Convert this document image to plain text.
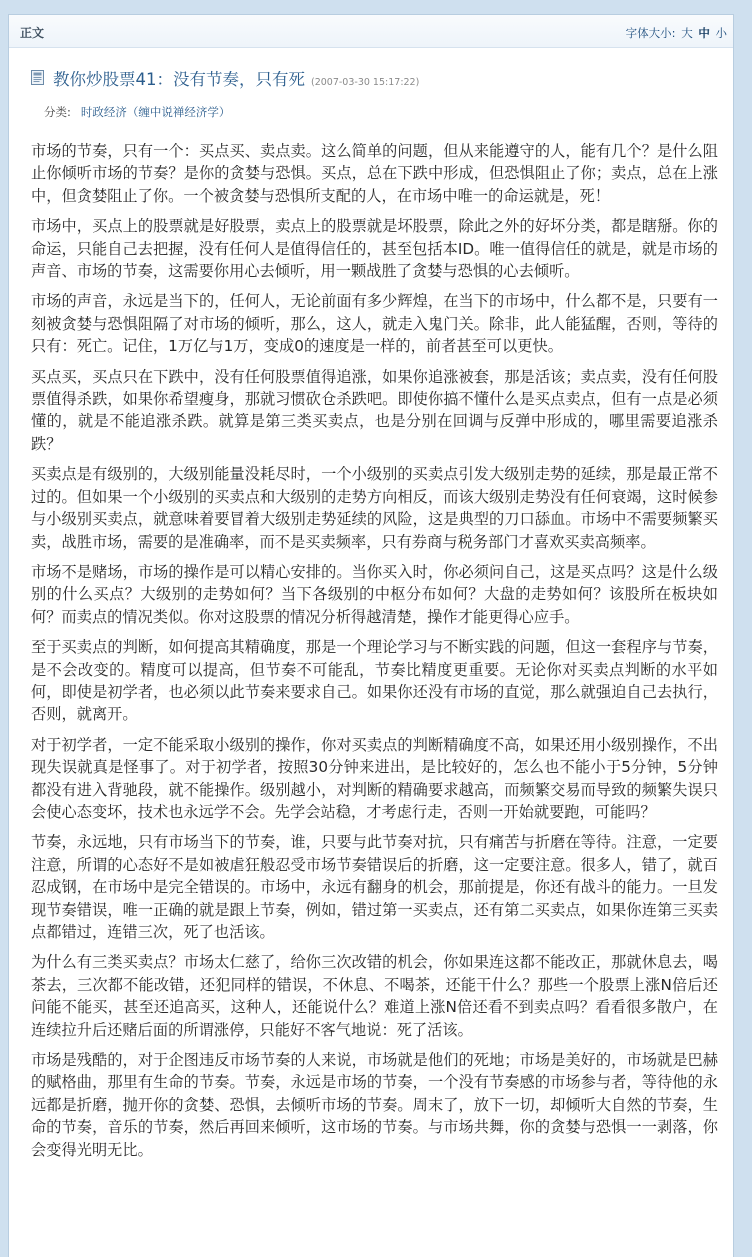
正文	字体大小: 大 中 小
教你炒股票41：没有节奏，只有死 (2007-03-30 15:17:22)
分类: 时政经济（缠中说禅经济学）

市场的节奏，只有一个：买点买、卖点卖。这么简单的问题，但从来能遵守的人，能有几个？是什么阻止你倾听市场的节奏？是你的贪婪与恐惧。买点，总在下跌中形成，但恐惧阻止了你；卖点，总在上涨中，但贪婪阻止了你。一个被贪婪与恐惧所支配的人，在市场中唯一的命运就是，死！

市场中，买点上的股票就是好股票，卖点上的股票就是坏股票，除此之外的好坏分类，都是瞎掰。你的命运，只能自己去把握，没有任何人是值得信任的，甚至包括本ID。唯一值得信任的就是，就是市场的声音、市场的节奏，这需要你用心去倾听，用一颗战胜了贪婪与恐惧的心去倾听。

市场的声音，永远是当下的，任何人，无论前面有多少辉煌，在当下的市场中，什么都不是，只要有一刻被贪婪与恐惧阻隔了对市场的倾听，那么，这人，就走入鬼门关。除非，此人能猛醒，否则，等待的只有：死亡。记住，1万亿与1万，变成0的速度是一样的，前者甚至可以更快。

买点买，买点只在下跌中，没有任何股票值得追涨，如果你追涨被套，那是活该；卖点卖，没有任何股票值得杀跌，如果你希望瘦身，那就习惯砍仓杀跌吧。即使你搞不懂什么是买点卖点，但有一点是必须懂的，就是不能追涨杀跌。就算是第三类买卖点，也是分别在回调与反弹中形成的，哪里需要追涨杀跌？

买卖点是有级别的，大级别能量没耗尽时，一个小级别的买卖点引发大级别走势的延续，那是最正常不过的。但如果一个小级别的买卖点和大级别的走势方向相反，而该大级别走势没有任何衰竭，这时候参与小级别买卖点，就意味着要冒着大级别走势延续的风险，这是典型的刀口舔血。市场中不需要频繁买卖，战胜市场，需要的是准确率，而不是买卖频率，只有券商与税务部门才喜欢买卖高频率。

市场不是赌场，市场的操作是可以精心安排的。当你买入时，你必须问自己，这是买点吗？这是什么级别的什么买点？大级别的走势如何？当下各级别的中枢分布如何？大盘的走势如何？该股所在板块如何？而卖点的情况类似。你对这股票的情况分析得越清楚，操作才能更得心应手。

至于买卖点的判断，如何提高其精确度，那是一个理论学习与不断实践的问题，但这一套程序与节奏，是不会改变的。精度可以提高，但节奏不可能乱，节奏比精度更重要。无论你对买卖点判断的水平如何，即使是初学者，也必须以此节奏来要求自己。如果你还没有市场的直觉，那么就强迫自己去执行，否则，就离开。

对于初学者，一定不能采取小级别的操作，你对买卖点的判断精确度不高，如果还用小级别操作，不出现失误就真是怪事了。对于初学者，按照30分钟来进出，是比较好的，怎么也不能小于5分钟，5分钟都没有进入背驰段，就不能操作。级别越小，对判断的精确要求越高，而频繁交易而导致的频繁失误只会使心态变坏，技术也永远学不会。先学会站稳，才考虑行走，否则一开始就要跑，可能吗？

节奏，永远地，只有市场当下的节奏，谁，只要与此节奏对抗，只有痛苦与折磨在等待。注意，一定要注意，所谓的心态好不是如被虐狂般忍受市场节奏错误后的折磨，这一定要注意。很多人，错了，就百忍成钢，在市场中是完全错误的。市场中，永远有翻身的机会，那前提是，你还有战斗的能力。一旦发现节奏错误，唯一正确的就是跟上节奏，例如，错过第一买卖点，还有第二买卖点，如果你连第三买卖点都错过，连错三次，死了也活该。

为什么有三类买卖点？市场太仁慈了，给你三次改错的机会，你如果连这都不能改正，那就休息去，喝茶去，三次都不能改错，还犯同样的错误，不休息、不喝茶，还能干什么？那些一个股票上涨N倍后还问能不能买，甚至还追高买，这种人，还能说什么？难道上涨N倍还看不到卖点吗？看看很多散户，在连续拉升后还赌后面的所谓涨停，只能好不客气地说：死了活该。

市场是残酷的，对于企图违反市场节奏的人来说，市场就是他们的死地；市场是美好的，市场就是巴赫的赋格曲，那里有生命的节奏。节奏，永远是市场的节奏，一个没有节奏感的市场参与者，等待他的永远都是折磨，抛开你的贪婪、恐惧，去倾听市场的节奏。周末了，放下一切，却倾听大自然的节奏，生命的节奏，音乐的节奏，然后再回来倾听，这市场的节奏。与市场共舞，你的贪婪与恐惧一一剥落，你会变得光明无比。
